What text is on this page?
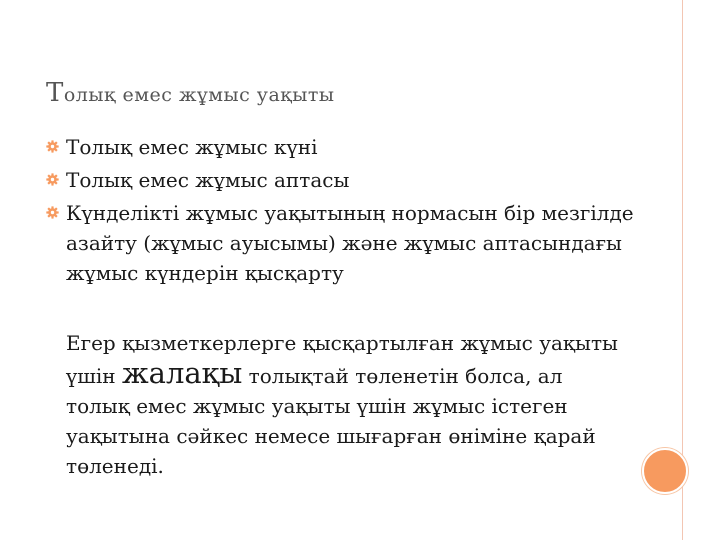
Толық емес жұмыс уақыты
Толық емес жұмыс күні
Толық емес жұмыс аптасы
Күнделікті жұмыс уақытының нормасын бір мезгілде азайту (жұмыс ауысымы) және жұмыс аптасындағы жұмыс күндерін қысқарту

Егер қызметкерлерге қысқартылған жұмыс уақыты үшін жалақы толықтай төленетін болса, ал толық емес жұмыс уақыты үшін жұмыс істеген уақытына сәйкес немесе шығарған өніміне қарай төленеді.
